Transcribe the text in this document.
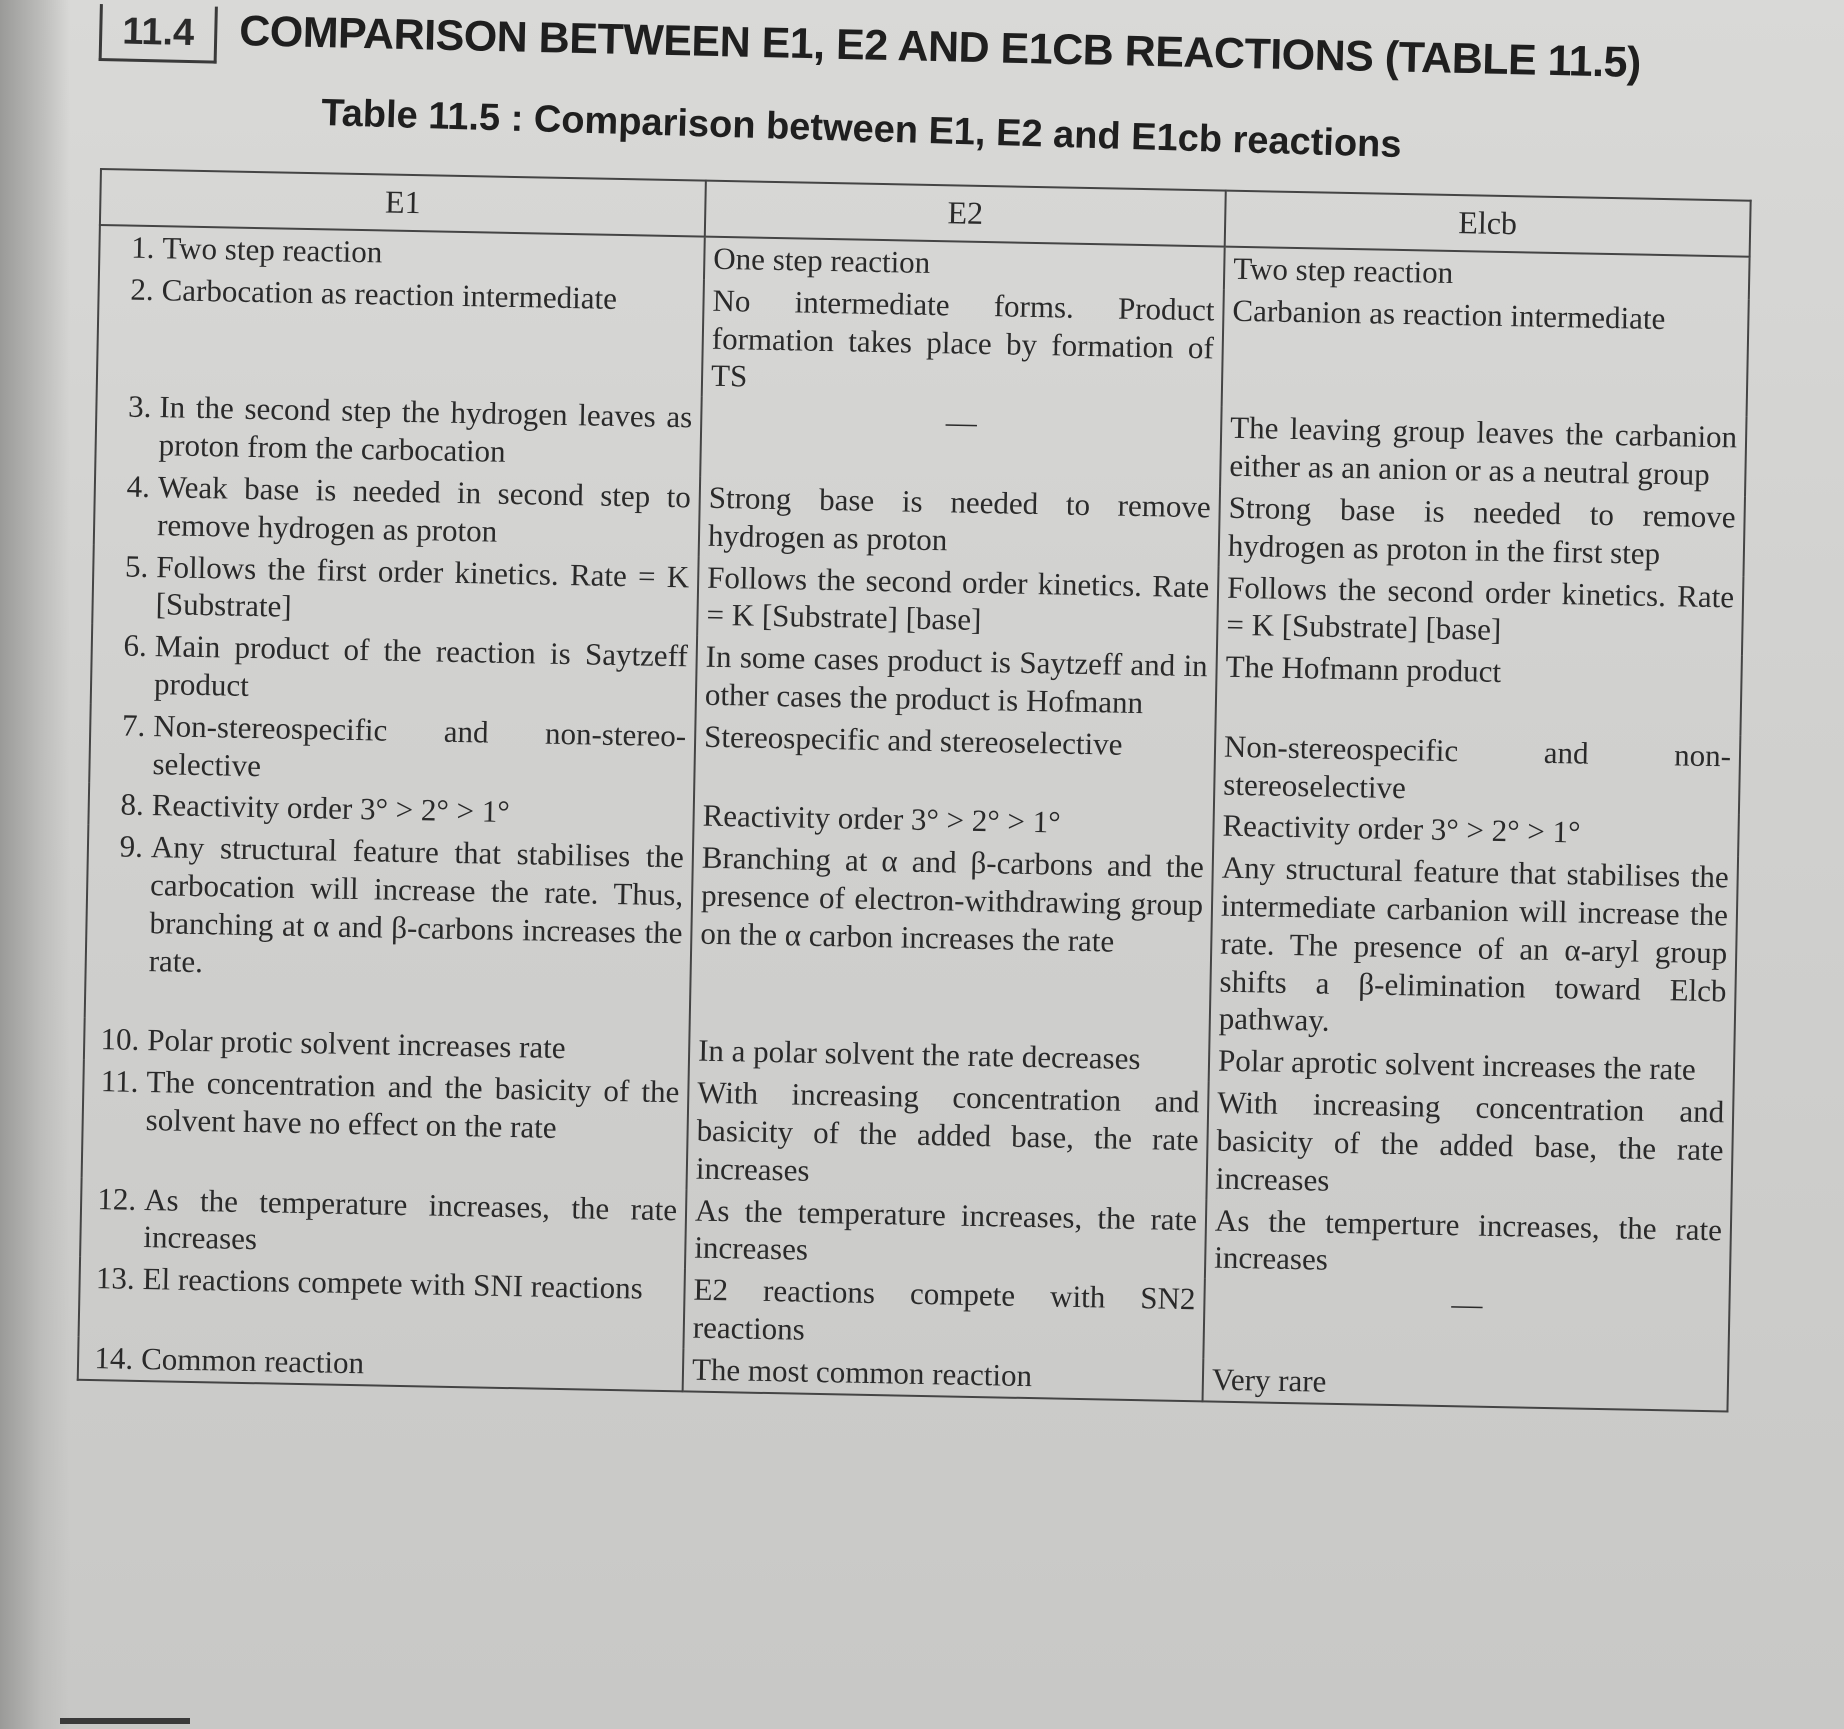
11.4	COMPARISON BETWEEN E1, E2 AND E1CB REACTIONS (TABLE 11.5)
Table 11.5 : Comparison between E1, E2 and E1cb reactions
E1	E2	Elcb

1. Two step reaction	One step reaction	Two step reaction

2. Carbocation as reaction intermediate	No intermediate forms. Product formation takes place by formation of TS	Carbanion as reaction intermediate

3. In the second step the hydrogen leaves as proton from the carbocation	—	The leaving group leaves the carbanion either as an anion or as a neutral group

4. Weak base is needed in second step to remove hydrogen as proton	Strong base is needed to remove hydrogen as proton	Strong base is needed to remove hydrogen as proton in the first step

5. Follows the first order kinetics. Rate = K [Substrate]	Follows the second order kinetics. Rate = K [Substrate] [base]	Follows the second order kinetics. Rate = K [Substrate] [base]

6. Main product of the reaction is Saytzeff product	In some cases product is Saytzeff and in other cases the product is Hofmann	The Hofmann product

7. Non-stereospecific and non-stereo-selective	Stereospecific and stereoselective	Non-stereospecific and non-stereoselective

8. Reactivity order 3° > 2° > 1°	Reactivity order 3° > 2° > 1°	Reactivity order 3° > 2° > 1°

9. Any structural feature that stabilises the carbocation will increase the rate. Thus, branching at α and β-carbons increases the rate.	Branching at α and β-carbons and the presence of electron-withdrawing group on the α carbon increases the rate	Any structural feature that stabilises the intermediate carbanion will increase the rate. The presence of an α-aryl group shifts a β-elimination toward Elcb pathway.

10. Polar protic solvent increases rate	In a polar solvent the rate decreases	Polar aprotic solvent increases the rate

11. The concentration and the basicity of the solvent have no effect on the rate	With increasing concentration and basicity of the added base, the rate increases	With increasing concentration and basicity of the added base, the rate increases

12. As the temperature increases, the rate increases	As the temperature increases, the rate increases	As the temperture increases, the rate increases

13. El reactions compete with SNI reactions	E2 reactions compete with SN2 reactions	—

14. Common reaction	The most common reaction	Very rare
